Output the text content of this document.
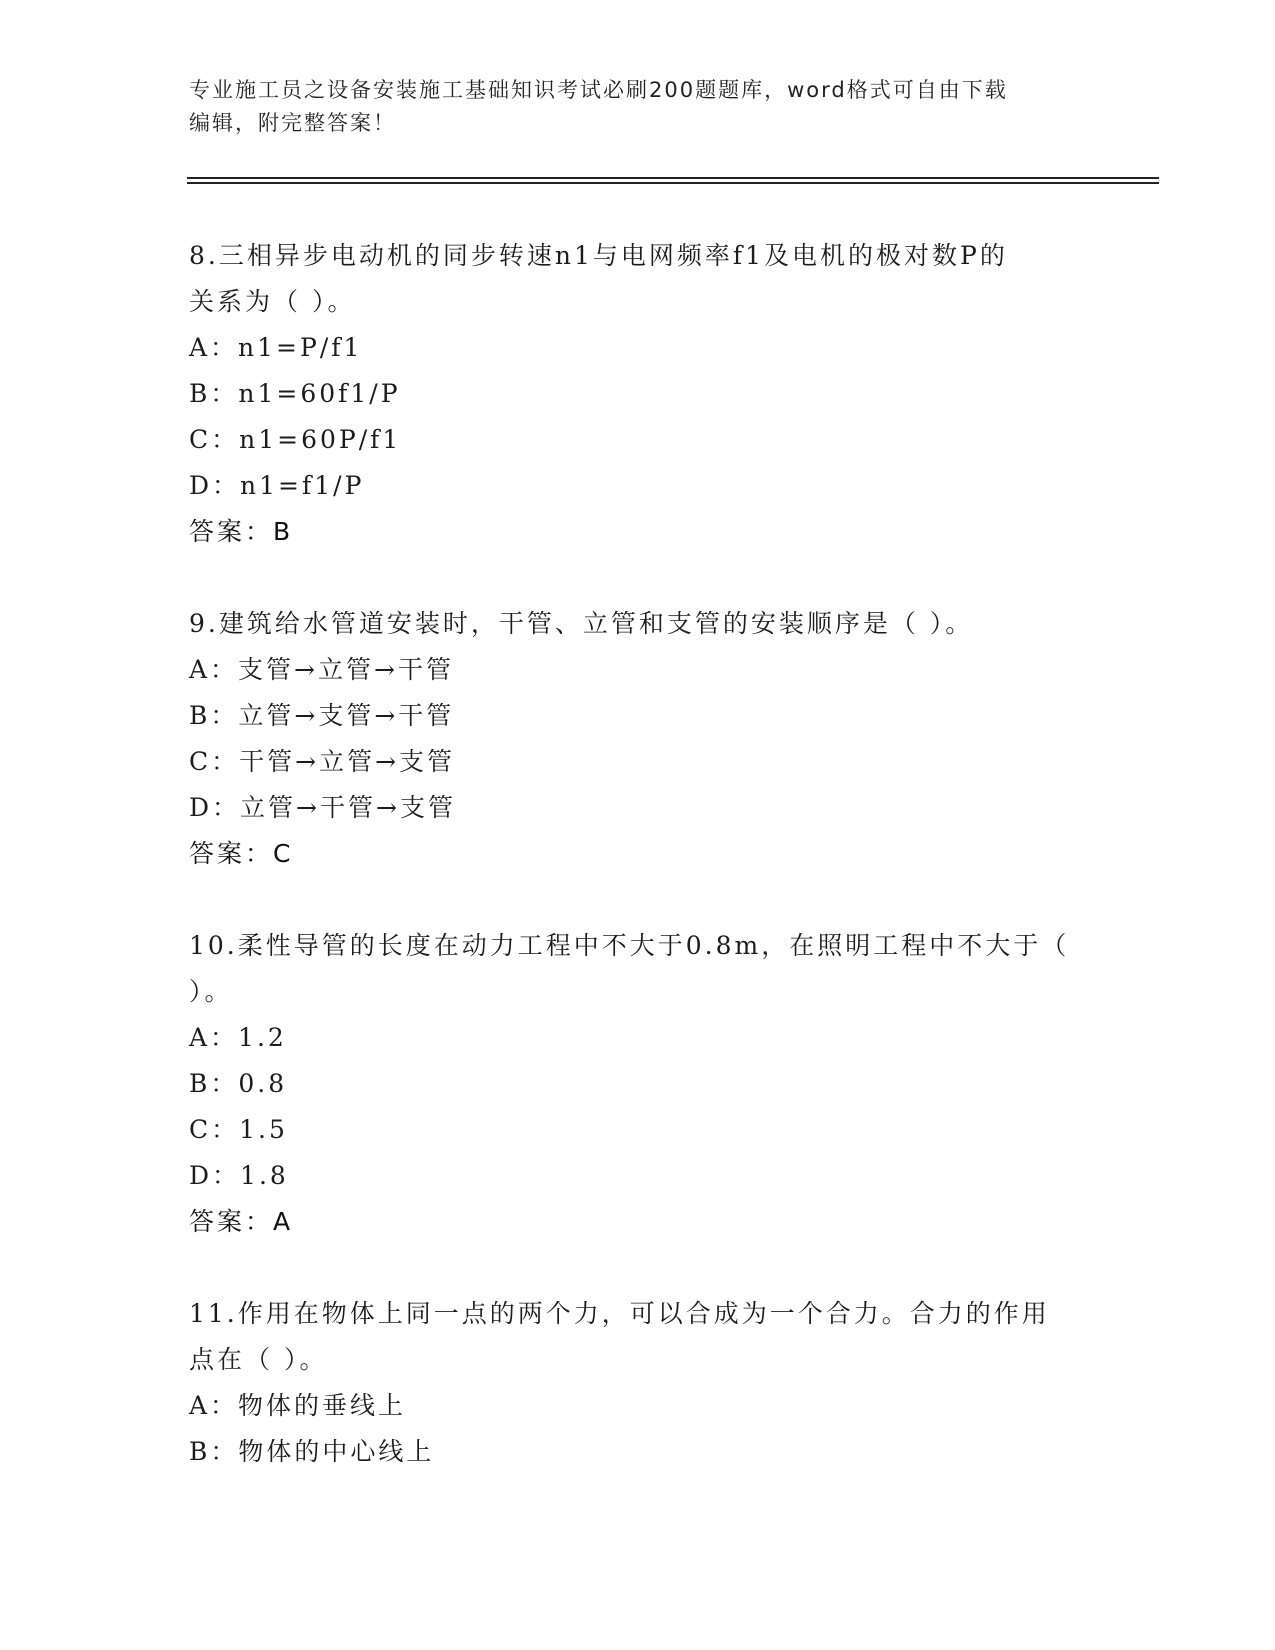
专业施工员之设备安装施工基础知识考试必刷200题题库，word格式可自由下载
编辑，附完整答案！
8.三相异步电动机的同步转速n1与电网频率f1及电机的极对数P的
关系为（ ）。
A：n1=P/f1
B：n1=60f1/P
C：n1=60P/f1
D：n1=f1/P
答案：B
9.建筑给水管道安装时，干管、立管和支管的安装顺序是（ ）。
A：支管→立管→干管
B：立管→支管→干管
C：干管→立管→支管
D：立管→干管→支管
答案：C
10.柔性导管的长度在动力工程中不大于0.8m，在照明工程中不大于（
）。
A：1.2
B：0.8
C：1.5
D：1.8
答案：A
11.作用在物体上同一点的两个力，可以合成为一个合力。合力的作用
点在（ ）。
A：物体的垂线上
B：物体的中心线上
